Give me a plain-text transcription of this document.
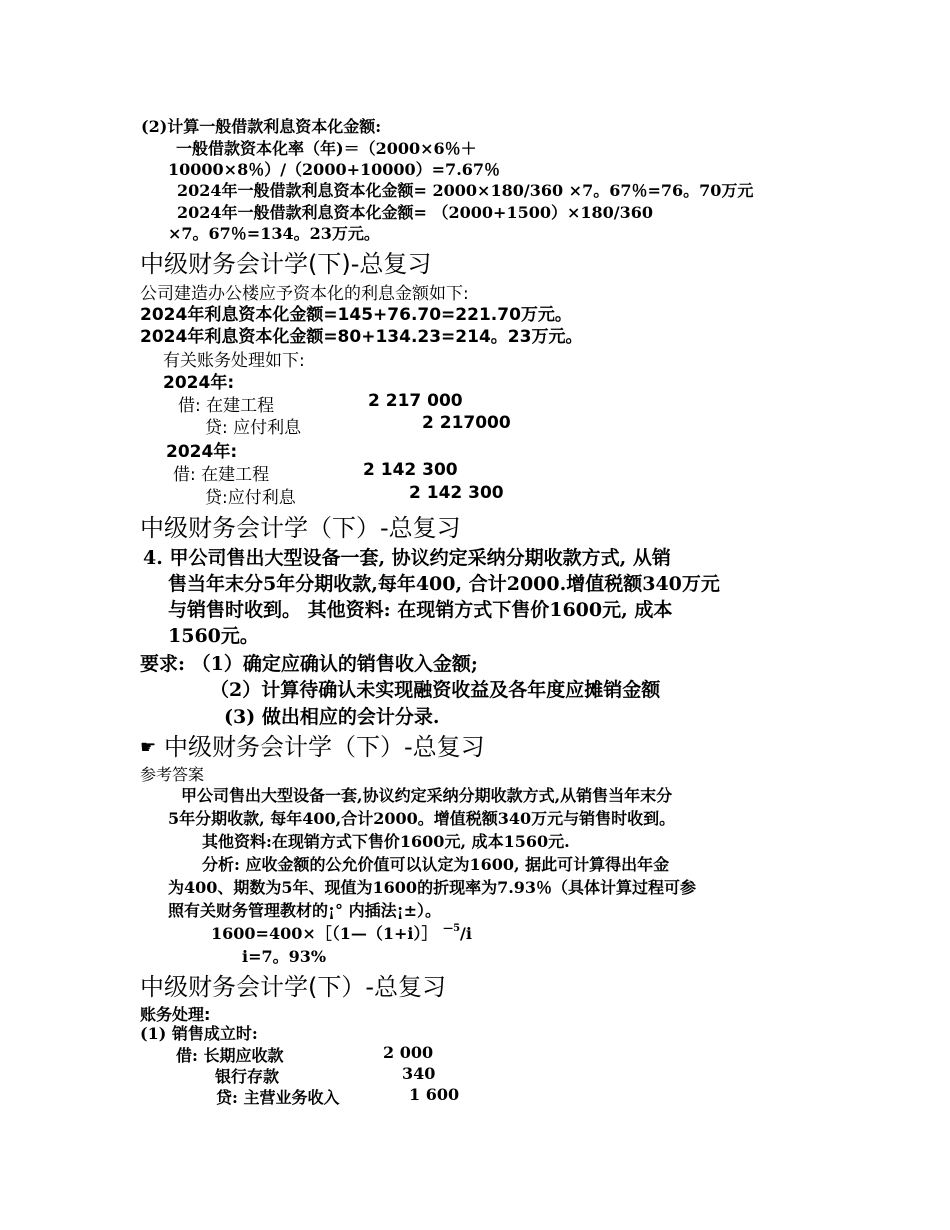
(2)计算一般借款利息资本化金额:

一般借款资本化率（年)＝（2000×6％＋

10000×8％）/（2000+10000）=7.67％

2024年一般借款利息资本化金额= 2000×180/360 ×7。67％=76。70万元

2024年一般借款利息资本化金额= （2000+1500）×180/360

×7。67％=134。23万元。

中级财务会计学(下)-总复习

公司建造办公楼应予资本化的利息金额如下:

2024年利息资本化金额=145+76.70=221.70万元。

2024年利息资本化金额=80+134.23=214。23万元。

有关账务处理如下:

2024年:

借: 在建工程	2 217 000

贷: 应付利息	2 217000

2024年:

借: 在建工程	2 142 300

贷:应付利息	2 142 300

中级财务会计学（下）-总复习

4. 甲公司售出大型设备一套, 协议约定采纳分期收款方式, 从销

售当年末分5年分期收款,每年400, 合计2000.增值税额340万元

与销售时收到。 其他资料: 在现销方式下售价1600元, 成本

1560元。

要求: （1）确定应确认的销售收入金额;

（2）计算待确认未实现融资收益及各年度应摊销金额

(3) 做出相应的会计分录.

☛ 中级财务会计学（下）-总复习

参考答案

甲公司售出大型设备一套,协议约定采纳分期收款方式,从销售当年末分

5年分期收款, 每年400,合计2000。增值税额340万元与销售时收到。

其他资料:在现销方式下售价1600元, 成本1560元.

分析: 应收金额的公允价值可以认定为1600, 据此可计算得出年金

为400、期数为5年、现值为1600的折现率为7.93％（具体计算过程可参

照有关财务管理教材的¡° 内插法¡±）。

1600=400×［（1—（1+i）］ $^{—5}$/i

i=7。93%

中级财务会计学(下）-总复习

账务处理:

(1) 销售成立时:

借: 长期应收款	2 000

银行存款	340

贷: 主营业务收入	1 600
